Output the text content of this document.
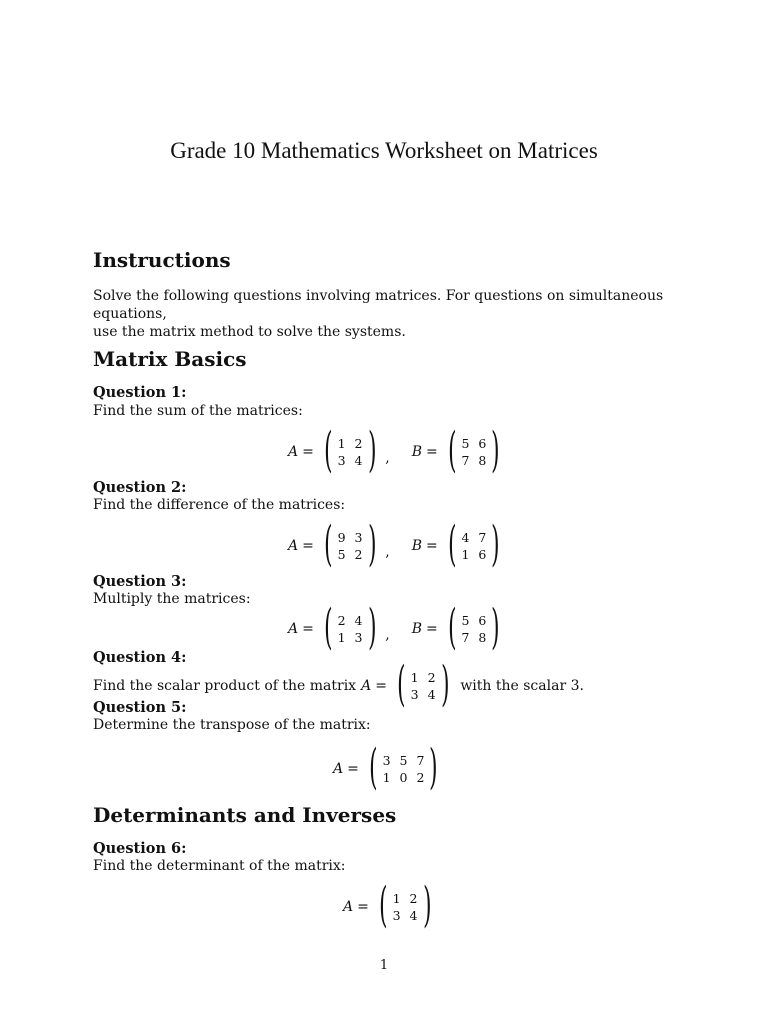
Grade 10 Mathematics Worksheet on Matrices
Instructions

Solve the following questions involving matrices. For questions on simultaneous equations,
use the matrix method to solve the systems.

Matrix Basics
Question 1:
Find the sum of the matrices:
A = ( 1 2
3 4 ) , B = ( 5 6
7 8 )
Question 2:
Find the difference of the matrices:
A = ( 9 3
5 2 ) , B = ( 4 7
1 6 )
Question 3:
Multiply the matrices:
A = ( 2 4
1 3 ) , B = ( 5 6
7 8 )
Question 4:
Find the scalar product of the matrix A = ( 1 2
3 4 ) with the scalar 3.
Question 5:
Determine the transpose of the matrix:
A = ( 3 5 7
1 0 2 )
Determinants and Inverses
Question 6:
Find the determinant of the matrix:
A = ( 1 2
3 4 )
1
